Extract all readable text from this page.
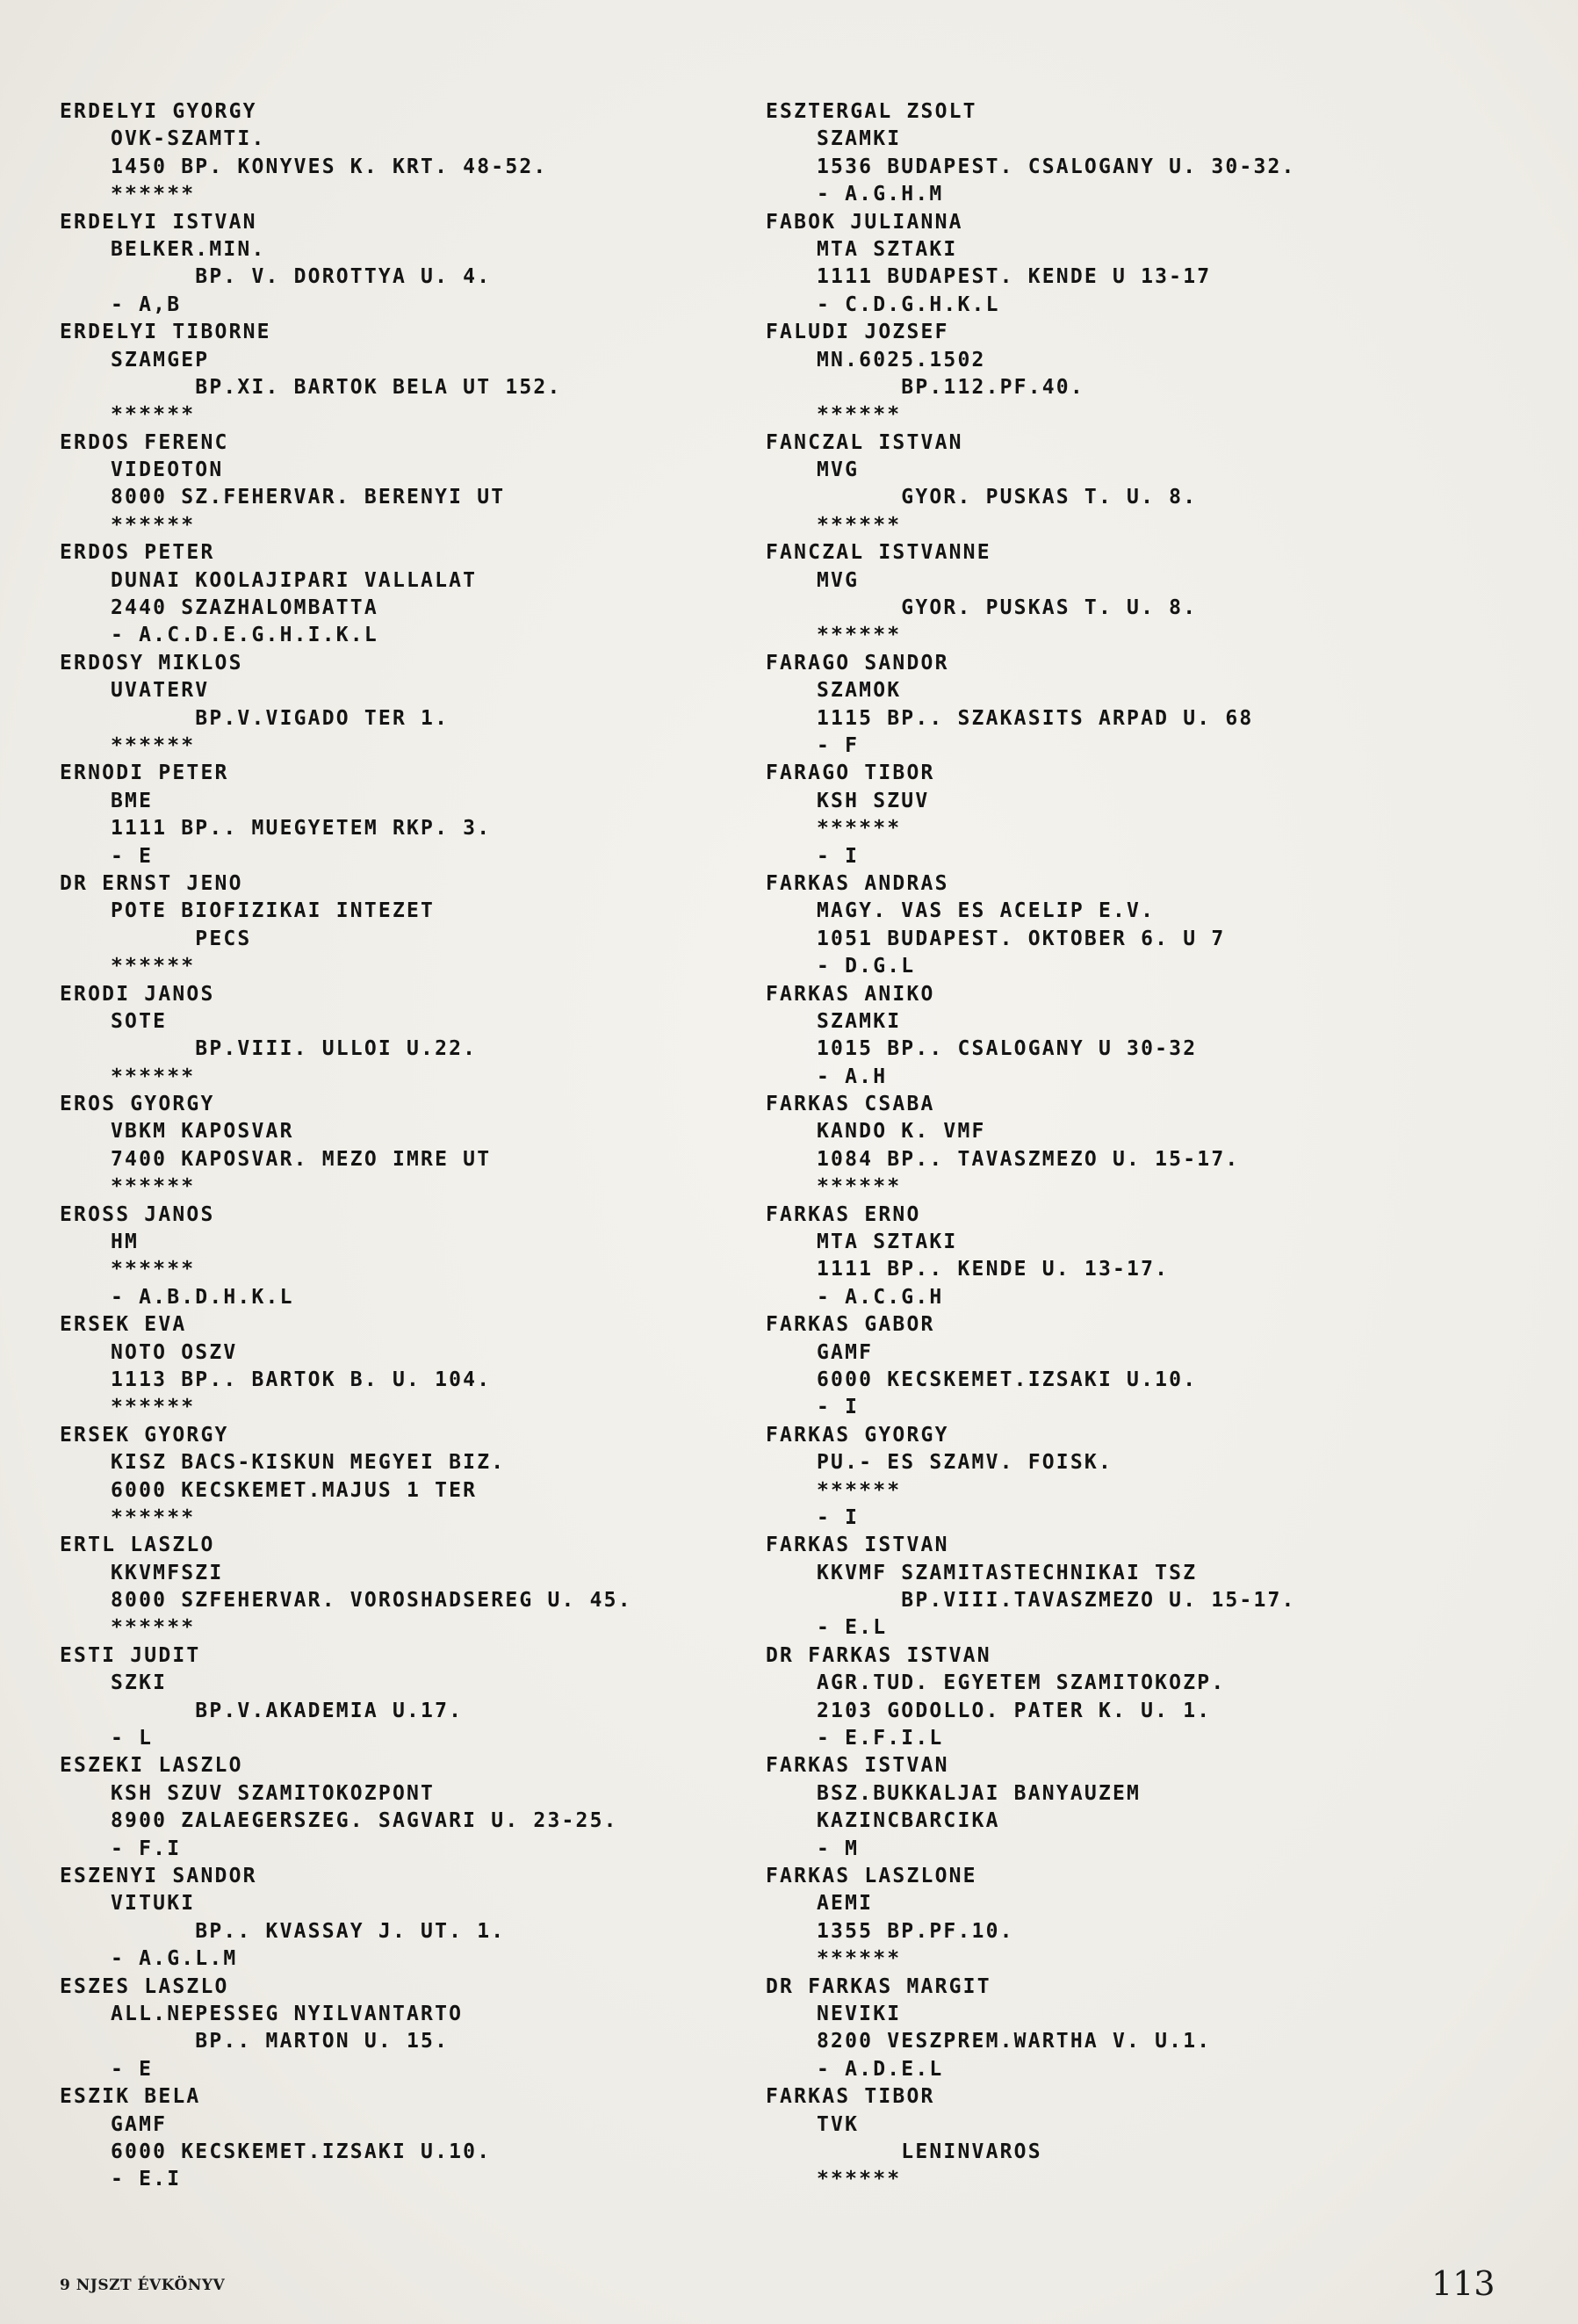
ERDELYI GYORGY
OVK-SZAMTI.
1450 BP. KONYVES K. KRT. 48-52.
******
ERDELYI ISTVAN
BELKER.MIN.
BP. V. DOROTTYA U. 4.
- A,B
ERDELYI TIBORNE
SZAMGEP
BP.XI. BARTOK BELA UT 152.
******
ERDOS FERENC
VIDEOTON
8000 SZ.FEHERVAR. BERENYI UT
******
ERDOS PETER
DUNAI KOOLAJIPARI VALLALAT
2440 SZAZHALOMBATTA
- A.C.D.E.G.H.I.K.L
ERDOSY MIKLOS
UVATERV
BP.V.VIGADO TER 1.
******
ERNODI PETER
BME
1111 BP.. MUEGYETEM RKP. 3.
- E
DR ERNST JENO
POTE BIOFIZIKAI INTEZET
PECS
******
ERODI JANOS
SOTE
BP.VIII. ULLOI U.22.
******
EROS GYORGY
VBKM KAPOSVAR
7400 KAPOSVAR. MEZO IMRE UT
******
EROSS JANOS
HM
******
- A.B.D.H.K.L
ERSEK EVA
NOTO OSZV
1113 BP.. BARTOK B. U. 104.
******
ERSEK GYORGY
KISZ BACS-KISKUN MEGYEI BIZ.
6000 KECSKEMET.MAJUS 1 TER
******
ERTL LASZLO
KKVMFSZI
8000 SZFEHERVAR. VOROSHADSEREG U. 45.
******
ESTI JUDIT
SZKI
BP.V.AKADEMIA U.17.
- L
ESZEKI LASZLO
KSH SZUV SZAMITOKOZPONT
8900 ZALAEGERSZEG. SAGVARI U. 23-25.
- F.I
ESZENYI SANDOR
VITUKI
BP.. KVASSAY J. UT. 1.
- A.G.L.M
ESZES LASZLO
ALL.NEPESSEG NYILVANTARTO
BP.. MARTON U. 15.
- E
ESZIK BELA
GAMF
6000 KECSKEMET.IZSAKI U.10.
- E.I
ESZTERGAL ZSOLT
SZAMKI
1536 BUDAPEST. CSALOGANY U. 30-32.
- A.G.H.M
FABOK JULIANNA
MTA SZTAKI
1111 BUDAPEST. KENDE U 13-17
- C.D.G.H.K.L
FALUDI JOZSEF
MN.6025.1502
BP.112.PF.40.
******
FANCZAL ISTVAN
MVG
GYOR. PUSKAS T. U. 8.
******
FANCZAL ISTVANNE
MVG
GYOR. PUSKAS T. U. 8.
******
FARAGO SANDOR
SZAMOK
1115 BP.. SZAKASITS ARPAD U. 68
- F
FARAGO TIBOR
KSH SZUV
******
- I
FARKAS ANDRAS
MAGY. VAS ES ACELIP E.V.
1051 BUDAPEST. OKTOBER 6. U 7
- D.G.L
FARKAS ANIKO
SZAMKI
1015 BP.. CSALOGANY U 30-32
- A.H
FARKAS CSABA
KANDO K. VMF
1084 BP.. TAVASZMEZO U. 15-17.
******
FARKAS ERNO
MTA SZTAKI
1111 BP.. KENDE U. 13-17.
- A.C.G.H
FARKAS GABOR
GAMF
6000 KECSKEMET.IZSAKI U.10.
- I
FARKAS GYORGY
PU.- ES SZAMV. FOISK.
******
- I
FARKAS ISTVAN
KKVMF SZAMITASTECHNIKAI TSZ
BP.VIII.TAVASZMEZO U. 15-17.
- E.L
DR FARKAS ISTVAN
AGR.TUD. EGYETEM SZAMITOKOZP.
2103 GODOLLO. PATER K. U. 1.
- E.F.I.L
FARKAS ISTVAN
BSZ.BUKKALJAI BANYAUZEM
KAZINCBARCIKA
- M
FARKAS LASZLONE
AEMI
1355 BP.PF.10.
******
DR FARKAS MARGIT
NEVIKI
8200 VESZPREM.WARTHA V. U.1.
- A.D.E.L
FARKAS TIBOR
TVK
LENINVAROS
******
9 NJSZT ÉVKÖNYV	113
